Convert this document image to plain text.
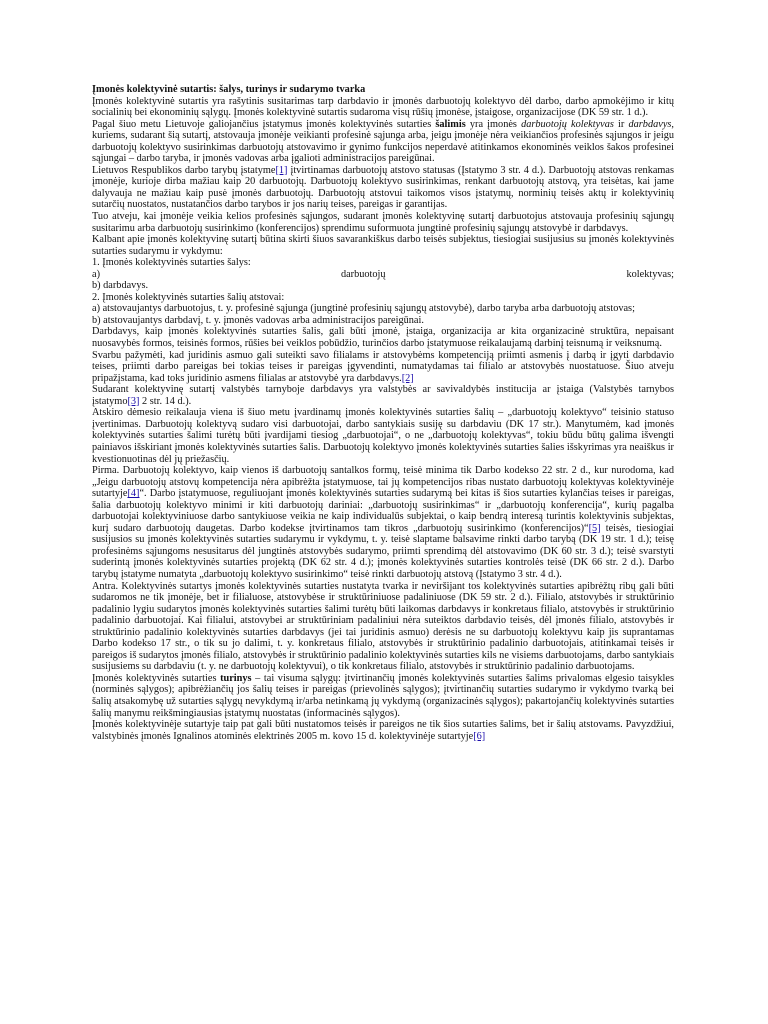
Įmonės kolektyvinė sutartis: šalys, turinys ir sudarymo tvarka

Įmonės kolektyvinė sutartis yra rašytinis susitarimas tarp darbdavio ir įmonės darbuotojų kolektyvo dėl darbo, darbo apmokėjimo ir kitų socialinių bei ekonominių sąlygų. Įmonės kolektyvinė sutartis sudaroma visų rūšių įmonėse, įstaigose, organizacijose (DK 59 str. 1 d.).

Pagal šiuo metu Lietuvoje galiojančius įstatymus įmonės kolektyvinės sutarties šalimis yra įmonės darbuotojų kolektyvas ir darbdavys, kuriems, sudarant šią sutartį, atstovauja įmonėje veikianti profesinė sąjunga arba, jeigu įmonėje nėra veikiančios profesinės sąjungos ir jeigu darbuotojų kolektyvo susirinkimas darbuotojų atstovavimo ir gynimo funkcijos neperdavė atitinkamos ekonominės veiklos šakos profesinei sąjungai – darbo taryba, ir įmonės vadovas arba įgalioti administracijos pareigūnai.

Lietuvos Respublikos darbo tarybų įstatyme[1] įtvirtinamas darbuotojų atstovo statusas (Įstatymo 3 str. 4 d.). Darbuotojų atstovas renkamas įmonėje, kurioje dirba mažiau kaip 20 darbuotojų. Darbuotojų kolektyvo susirinkimas, renkant darbuotojų atstovą, yra teisėtas, kai jame dalyvauja ne mažiau kaip pusė įmonės darbuotojų. Darbuotojų atstovui taikomos visos įstatymų, norminių teisės aktų ir kolektyvinių sutarčių nuostatos, nustatančios darbo tarybos ir jos narių teises, pareigas ir garantijas.

Tuo atveju, kai įmonėje veikia kelios profesinės sąjungos, sudarant įmonės kolektyvinę sutartį darbuotojus atstovauja profesinių sąjungų susitarimu arba darbuotojų susirinkimo (konferencijos) sprendimu suformuota jungtinė profesinių sąjungų atstovybė ir darbdavys.

Kalbant apie įmonės kolektyvinę sutartį būtina skirti šiuos savarankiškus darbo teisės subjektus, tiesiogiai susijusius su įmonės kolektyvinės sutarties sudarymu ir vykdymu:

1. Įmonės kolektyvinės sutarties šalys:

a)	darbuotojų	kolektyvas;

b) darbdavys.

2. Įmonės kolektyvinės sutarties šalių atstovai:

a) atstovaujantys darbuotojus, t. y. profesinė sąjunga (jungtinė profesinių sąjungų atstovybė), darbo taryba arba darbuotojų atstovas;

b) atstovaujantys darbdavį, t. y. įmonės vadovas arba administracijos pareigūnai.

Darbdavys, kaip įmonės kolektyvinės sutarties šalis, gali būti įmonė, įstaiga, organizacija ar kita organizacinė struktūra, nepaisant nuosavybės formos, teisinės formos, rūšies bei veiklos pobūdžio, turinčios darbo įstatymuose reikalaujamą darbinį teisnumą ir veiksnumą.

Svarbu pažymėti, kad juridinis asmuo gali suteikti savo filialams ir atstovybėms kompetenciją priimti asmenis į darbą ir įgyti darbdavio teises, priimti darbo pareigas bei tokias teises ir pareigas įgyvendinti, numatydamas tai filialo ar atstovybės nuostatuose. Šiuo atveju pripažįstama, kad toks juridinio asmens filialas ar atstovybė yra darbdavys.[2]

Sudarant kolektyvinę sutartį valstybės tarnyboje darbdavys yra valstybės ar savivaldybės institucija ar įstaiga (Valstybės tarnybos įstatymo[3] 2 str. 14 d.).

Atskiro dėmesio reikalauja viena iš šiuo metu įvardinamų įmonės kolektyvinės sutarties šalių – „darbuotojų kolektyvo“ teisinio statuso įvertinimas. Darbuotojų kolektyvą sudaro visi darbuotojai, darbo santykiais susiję su darbdaviu (DK 17 str.). Manytumėm, kad įmonės kolektyvinės sutarties šalimi turėtų būti įvardijami tiesiog „darbuotojai“, o ne „darbuotojų kolektyvas“, tokiu būdu būtų galima išvengti painiavos išskiriant įmonės kolektyvinės sutarties šalis. Darbuotojų kolektyvo įmonės kolektyvinės sutarties šalies išskyrimas yra neaiškus ir kvestionuotinas dėl jų priežasčių.

Pirma. Darbuotojų kolektyvo, kaip vienos iš darbuotojų santalkos formų, teisė minima tik Darbo kodekso 22 str. 2 d., kur nurodoma, kad „Jeigu darbuotojų atstovų kompetencija nėra apibrėžta įstatymuose, tai jų kompetencijos ribas nustato darbuotojų kolektyvas kolektyvinėje sutartyje[4]“. Darbo įstatymuose, reguliuojant įmonės kolektyvinės sutarties sudarymą bei kitas iš šios sutarties kylančias teises ir pareigas, šalia darbuotojų kolektyvo minimi ir kiti darbuotojų dariniai: „darbuotojų susirinkimas“ ir „darbuotojų konferencija“, kurių pagalba darbuotojai kolektyviniuose darbo santykiuose veikia ne kaip individualūs subjektai, o kaip bendrą interesą turintis kolektyvinis subjektas, kurį sudaro darbuotojų daugetas. Darbo kodekse įtvirtinamos tam tikros „darbuotojų susirinkimo (konferencijos)“[5] teisės, tiesiogiai susijusios su įmonės kolektyvinės sutarties sudarymu ir vykdymu, t. y. teisė slaptame balsavime rinkti darbo tarybą (DK 19 str. 1 d.); teisę profesinėms sąjungoms nesusitarus dėl jungtinės atstovybės sudarymo, priimti sprendimą dėl atstovavimo (DK 60 str. 3 d.); teisė svarstyti suderintą įmonės kolektyvinės sutarties projektą (DK 62 str. 4 d.); įmonės kolektyvinės sutarties kontrolės teisė (DK 66 str. 2 d.). Darbo tarybų įstatyme numatyta „darbuotojų kolektyvo susirinkimo“ teisė rinkti darbuotojų atstovą (Įstatymo 3 str. 4 d.).

Antra. Kolektyvinės sutartys įmonės kolektyvinės sutarties nustatyta tvarka ir neviršijant tos kolektyvinės sutarties apibrėžtų ribų gali būti sudaromos ne tik įmonėje, bet ir filialuose, atstovybėse ir struktūriniuose padaliniuose (DK 59 str. 2 d.). Filialo, atstovybės ir struktūrinio padalinio lygiu sudarytos įmonės kolektyvinės sutarties šalimi turėtų būti laikomas darbdavys ir konkretaus filialo, atstovybės ir struktūrinio padalinio darbuotojai. Kai filialui, atstovybei ar struktūriniam padaliniui nėra suteiktos darbdavio teisės, dėl įmonės filialo, atstovybės ir struktūrinio padalinio kolektyvinės sutarties darbdavys (jei tai juridinis asmuo) derėsis ne su darbuotojų kolektyvu kaip jis suprantamas Darbo kodekso 17 str., o tik su jo dalimi, t. y. konkretaus filialo, atstovybės ir struktūrinio padalinio darbuotojais, atitinkamai teisės ir pareigos iš sudarytos įmonės filialo, atstovybės ir struktūrinio padalinio kolektyvinės sutarties kils ne visiems darbuotojams, darbo santykiais susijusiems su darbdaviu (t. y. ne darbuotojų kolektyvui), o tik konkretaus filialo, atstovybės ir struktūrinio padalinio darbuotojams.

Įmonės kolektyvinės sutarties turinys – tai visuma sąlygų: įtvirtinančių įmonės kolektyvinės sutarties šalims privalomas elgesio taisykles (norminės sąlygos); apibrėžiančių jos šalių teises ir pareigas (prievolinės sąlygos); įtvirtinančių sutarties sudarymo ir vykdymo tvarką bei šalių atsakomybę už sutarties sąlygų nevykdymą ir/arba netinkamą jų vykdymą (organizacinės sąlygos); pakartojančių kolektyvinės sutarties šalių manymu reikšmingiausias įstatymų nuostatas (informacinės sąlygos).

Įmonės kolektyvinėje sutartyje taip pat gali būti nustatomos teisės ir pareigos ne tik šios sutarties šalims, bet ir šalių atstovams. Pavyzdžiui, valstybinės įmonės Ignalinos atominės elektrinės 2005 m. kovo 15 d. kolektyvinėje sutartyje[6]
